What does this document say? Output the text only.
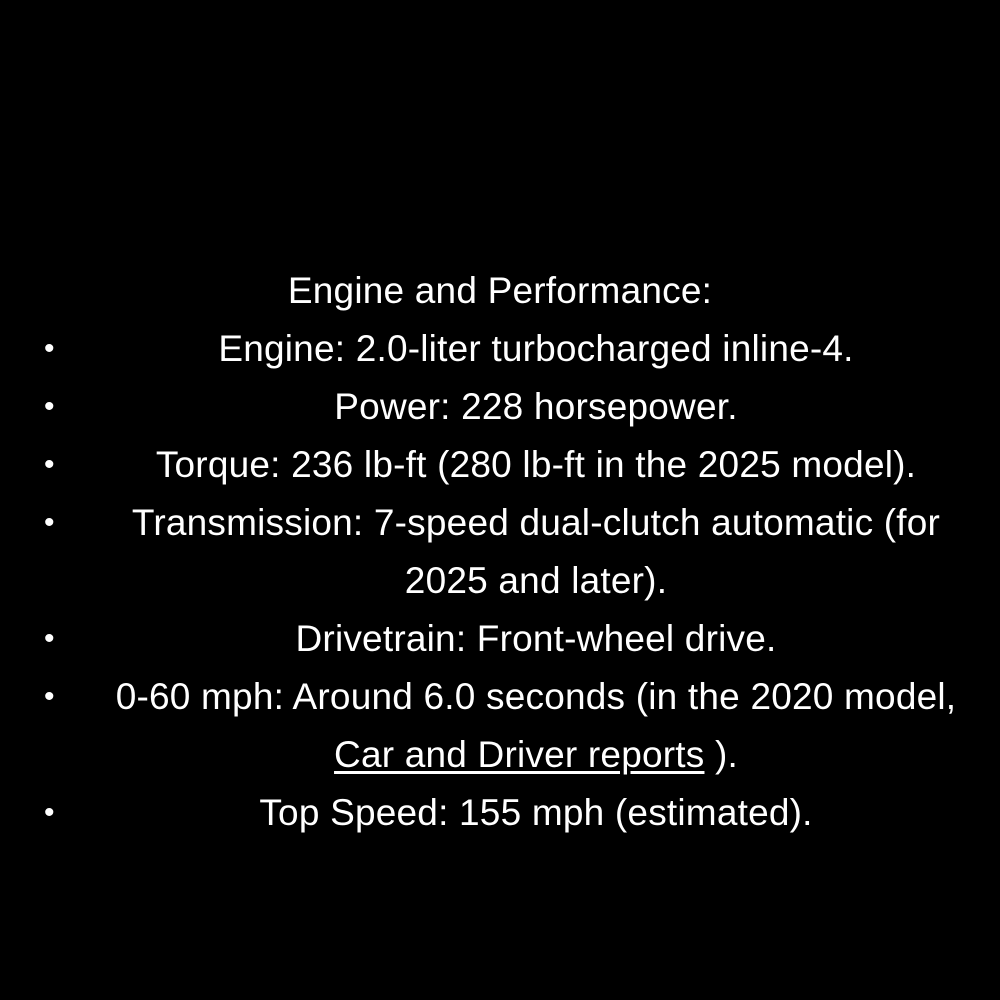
Engine and Performance:
•	Engine: 2.0-liter turbocharged inline-4.
•	Power: 228 horsepower.
•	Torque: 236 lb-ft (280 lb-ft in the 2025 model).
• Transmission: 7-speed dual-clutch automatic (for 2025 and later).
•	Drivetrain: Front-wheel drive.
• 0-60 mph: Around 6.0 seconds (in the 2020 model, Car and Driver reports ).
•	Top Speed: 155 mph (estimated).
